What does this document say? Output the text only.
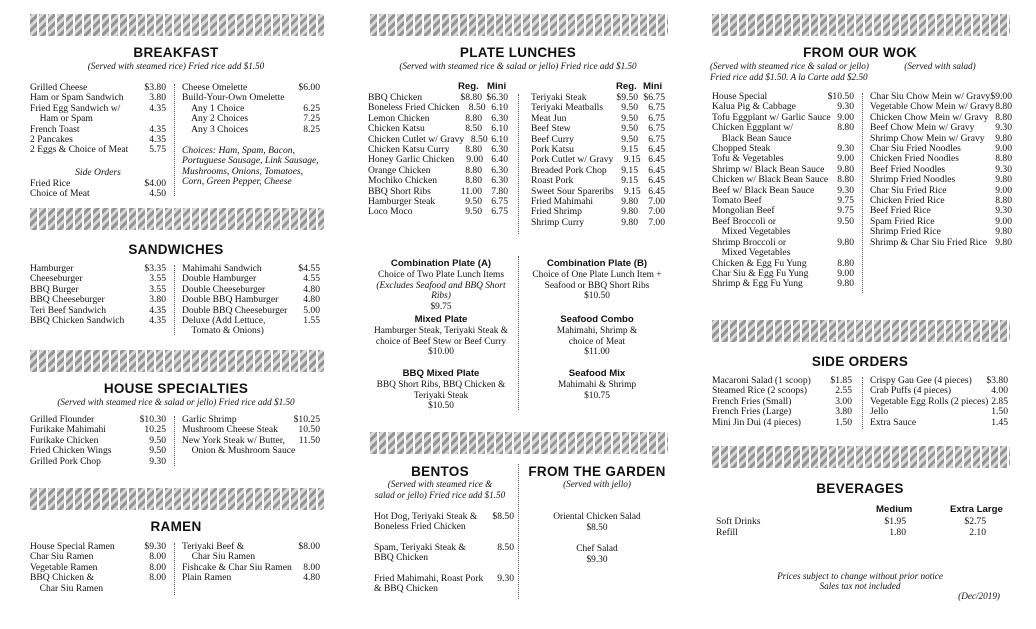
BREAKFAST
(Served with steamed rice) Fried rice add $1.50
Grilled Cheese	$3.80
Ham or Spam Sandwich	3.80
Fried Egg Sandwich w/	4.35
Ham or Spam
French Toast	4.35
2 Pancakes	4.35
2 Eggs & Choice of Meat 5.75
Side Orders
Fried Rice	$4.00
Choice of Meat	4.50
Cheese Omelette	$6.00
Build-Your-Own Omelette
Any 1 Choice	6.25
Any 2 Choices	7.25
Any 3 Choices	8.25
Choices: Ham, Spam, Bacon, Portuguese Sausage, Link Sausage, Mushrooms, Onions, Tomatoes, Corn, Green Pepper, Cheese
SANDWICHES
Hamburger	$3.35
Cheeseburger	3.55
BBQ Burger	3.55
BBQ Cheeseburger	3.80
Teri Beef Sandwich	4.35
BBQ Chicken Sandwich	4.35
Mahimahi Sandwich	$4.55
Double Hamburger	4.55
Double Cheeseburger	4.80
Double BBQ Hamburger	4.80
Double BBQ Cheeseburger 5.00
Deluxe (Add Lettuce,	1.55
Tomato & Onions)
HOUSE SPECIALTIES
(Served with steamed rice & salad or jello) Fried rice add $1.50
Grilled Flounder	$10.30
Furikake Mahimahi	10.25
Furikake Chicken	9.50
Fried Chicken Wings	9.50
Grilled Pork Chop	9.30
Garlic Shrimp	$10.25
Mushroom Cheese Steak 10.50
New York Steak w/ Butter, 11.50
Onion & Mushroom Sauce
RAMEN
House Special Ramen	$9.30
Char Siu Ramen	8.00
Vegetable Ramen	8.00
BBQ Chicken &	8.00
Char Siu Ramen
Teriyaki Beef &	$8.00
Char Siu Ramen
Fishcake & Char Siu Ramen 8.00
Plain Ramen	4.80
PLATE LUNCHES
(Served with steamed rice & salad or jello) Fried rice add $1.50
Reg. Mini	Reg. Mini
BBQ Chicken	$8.80 $6.30
Boneless Fried Chicken 8.50 6.10
Lemon Chicken	8.80 6.30
Chicken Katsu	8.50 6.10
Chicken Cutlet w/ Gravy 8.50 6.10
Chicken Katsu Curry	8.80 6.30
Honey Garlic Chicken	9.00 6.40
Orange Chicken	8.80 6.30
Mochiko Chicken	8.80 6.30
BBQ Short Ribs	11.00 7.80
Hamburger Steak	9.50 6.75
Loco Moco	9.50 6.75
Teriyaki Steak	$9.50 $6.75
Teriyaki Meatballs	9.50	6.75
Meat Jun	9.50	6.75
Beef Stew	9.50	6.75
Beef Curry	9.50	6.75
Pork Katsu	9.15	6.45
Pork Cutlet w/ Gravy	9.15 6.45
Breaded Pork Chop	9.15	6.45
Roast Pork	9.15	6.45
Sweet Sour Spareribs	9.15 6.45
Fried Mahimahi	9.80	7.00
Fried Shrimp	9.80	7.00
Shrimp Curry	9.80	7.00
Combination Plate (A)
Choice of Two Plate Lunch Items
(Excludes Seafood and BBQ Short Ribs)
$9.75
Combination Plate (B)
Choice of One Plate Lunch Item +
Seafood or BBQ Short Ribs
$10.50
Mixed Plate
Hamburger Steak, Teriyaki Steak &
choice of Beef Stew or Beef Curry
$10.00
Seafood Combo
Mahimahi, Shrimp &
choice of Meat
$11.00
BBQ Mixed Plate
BBQ Short Ribs, BBQ Chicken &
Teriyaki Steak
$10.50
Seafood Mix
Mahimahi & Shrimp
$10.75
BENTOS
(Served with steamed rice &
salad or jello) Fried rice add $1.50
Hot Dog, Teriyaki Steak & $8.50
Boneless Fried Chicken
Spam, Teriyaki Steak &	8.50
BBQ Chicken
Fried Mahimahi, Roast Pork 9.30
& BBQ Chicken
FROM THE GARDEN
(Served with jello)
Oriental Chicken Salad
$8.50
Chef Salad
$9.30
FROM OUR WOK
(Served with steamed rice & salad or jello)	(Served with salad)
Fried rice add $1.50. A la Carte add $2.50
House Special	$10.50
Kalua Pig & Cabbage	9.30
Tofu Eggplant w/ Garlic Sauce 9.00
Chicken Eggplant w/	8.80
Black Bean Sauce
Chopped Steak	9.30
Tofu & Vegetables	9.00
Shrimp w/ Black Bean Sauce 9.80
Chicken w/ Black Bean Sauce 8.80
Beef w/ Black Bean Sauce 9.30
Tomato Beef	9.75
Mongolian Beef	9.75
Beef Broccoli or	9.50
Mixed Vegetables
Shrimp Broccoli or	9.80
Mixed Vegetables
Chicken & Egg Fu Yung	8.80
Char Siu & Egg Fu Yung	9.00
Shrimp & Egg Fu Yung	9.80
Char Siu Chow Mein w/ Gravy $9.00
Vegetable Chow Mein w/ Gravy 8.80
Chicken Chow Mein w/ Gravy 8.80
Beef Chow Mein w/ Gravy 9.30
Shrimp Chow Mein w/ Gravy 9.80
Char Siu Fried Noodles	9.00
Chicken Fried Noodles	8.80
Beef Fried Noodles	9.30
Shrimp Fried Noodles	9.80
Char Siu Fried Rice	9.00
Chicken Fried Rice	8.80
Beef Fried Rice	9.30
Spam Fried Rice	9.00
Shrimp Fried Rice	9.80
Shrimp & Char Siu Fried Rice 9.80
SIDE ORDERS
Macaroni Salad (1 scoop) $1.85
Steamed Rice (2 scoops)	2.55
French Fries (Small)	3.00
French Fries (Large)	3.80
Mini Jin Dui (4 pieces)	1.50
Crispy Gau Gee (4 pieces) $3.80
Crab Puffs (4 pieces)	4.00
Vegetable Egg Rolls (2 pieces) 2.85
Jello	1.50
Extra Sauce	1.45
BEVERAGES
Medium	Extra Large
Soft Drinks	$1.95	$2.75
Refill	1.80	2.10
Prices subject to change without prior notice
Sales tax not included
(Dec/2019)
